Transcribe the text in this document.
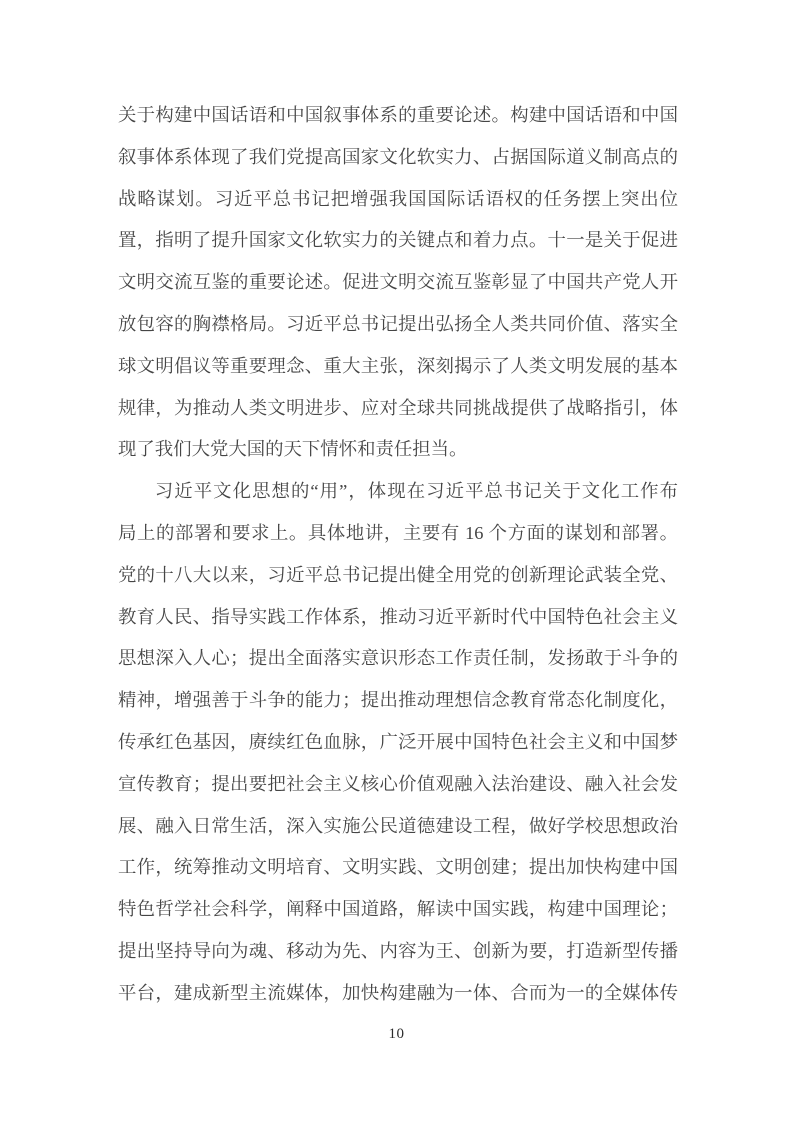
关于构建中国话语和中国叙事体系的重要论述。构建中国话语和中国
叙事体系体现了我们党提高国家文化软实力、占据国际道义制高点的
战略谋划。习近平总书记把增强我国国际话语权的任务摆上突出位
置，指明了提升国家文化软实力的关键点和着力点。十一是关于促进
文明交流互鉴的重要论述。促进文明交流互鉴彰显了中国共产党人开
放包容的胸襟格局。习近平总书记提出弘扬全人类共同价值、落实全
球文明倡议等重要理念、重大主张，深刻揭示了人类文明发展的基本
规律，为推动人类文明进步、应对全球共同挑战提供了战略指引，体
现了我们大党大国的天下情怀和责任担当。
习近平文化思想的“用”，体现在习近平总书记关于文化工作布
局上的部署和要求上。具体地讲，主要有 16 个方面的谋划和部署。
党的十八大以来，习近平总书记提出健全用党的创新理论武装全党、
教育人民、指导实践工作体系，推动习近平新时代中国特色社会主义
思想深入人心；提出全面落实意识形态工作责任制，发扬敢于斗争的
精神，增强善于斗争的能力；提出推动理想信念教育常态化制度化，
传承红色基因，赓续红色血脉，广泛开展中国特色社会主义和中国梦
宣传教育；提出要把社会主义核心价值观融入法治建设、融入社会发
展、融入日常生活，深入实施公民道德建设工程，做好学校思想政治
工作，统筹推动文明培育、文明实践、文明创建；提出加快构建中国
特色哲学社会科学，阐释中国道路，解读中国实践，构建中国理论；
提出坚持导向为魂、移动为先、内容为王、创新为要，打造新型传播
平台，建成新型主流媒体，加快构建融为一体、合而为一的全媒体传
10
